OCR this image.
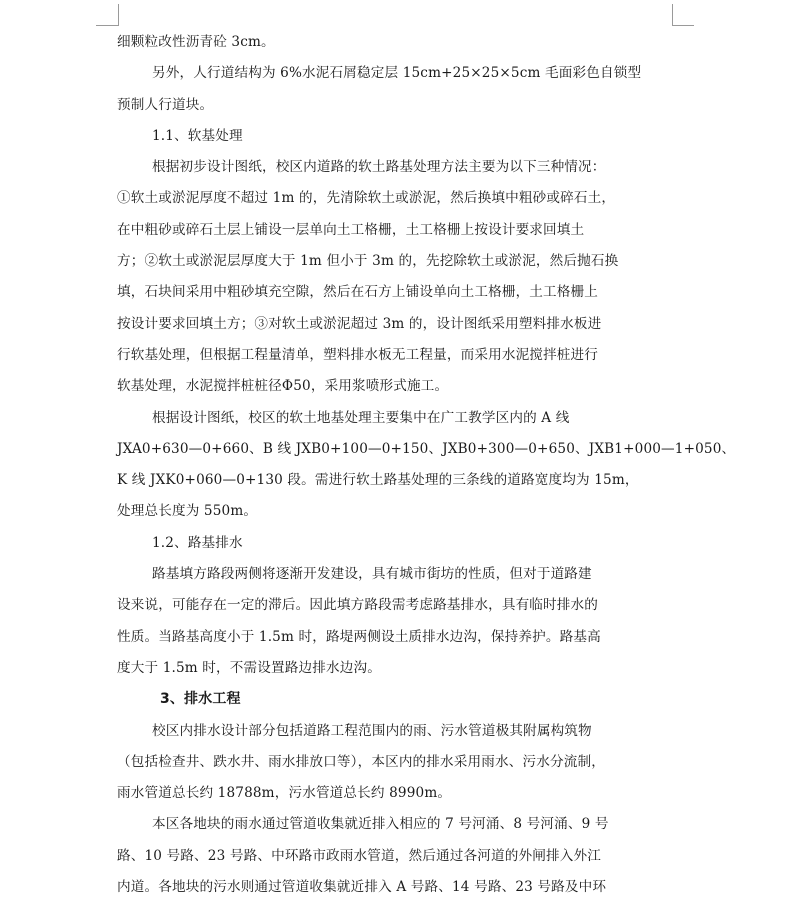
细颗粒改性沥青砼 3cm。
另外，人行道结构为 6%水泥石屑稳定层 15cm+25×25×5cm 毛面彩色自锁型
预制人行道块。
1.1、软基处理
根据初步设计图纸，校区内道路的软土路基处理方法主要为以下三种情况：
①软土或淤泥厚度不超过 1m 的，先清除软土或淤泥，然后换填中粗砂或碎石土，
在中粗砂或碎石土层上铺设一层单向土工格栅，土工格栅上按设计要求回填土
方；②软土或淤泥层厚度大于 1m 但小于 3m 的，先挖除软土或淤泥，然后抛石换
填，石块间采用中粗砂填充空隙，然后在石方上铺设单向土工格栅，土工格栅上
按设计要求回填土方；③对软土或淤泥超过 3m 的，设计图纸采用塑料排水板进
行软基处理，但根据工程量清单，塑料排水板无工程量，而采用水泥搅拌桩进行
软基处理，水泥搅拌桩桩径Φ50，采用浆喷形式施工。
根据设计图纸，校区的软土地基处理主要集中在广工教学区内的 A 线
JXA0+630—0+660、B 线 JXB0+100—0+150、JXB0+300—0+650、JXB1+000—1+050、
K 线 JXK0+060—0+130 段。需进行软土路基处理的三条线的道路宽度均为 15m，
处理总长度为 550m。
1.2、路基排水
路基填方路段两侧将逐渐开发建设，具有城市街坊的性质，但对于道路建
设来说，可能存在一定的滞后。因此填方路段需考虑路基排水，具有临时排水的
性质。当路基高度小于 1.5m 时，路堤两侧设土质排水边沟，保持养护。路基高
度大于 1.5m 时，不需设置路边排水边沟。
3、排水工程
校区内排水设计部分包括道路工程范围内的雨、污水管道极其附属构筑物
（包括检查井、跌水井、雨水排放口等），本区内的排水采用雨水、污水分流制，
雨水管道总长约 18788m，污水管道总长约 8990m。
本区各地块的雨水通过管道收集就近排入相应的 7 号河涌、8 号河涌、9 号
路、10 号路、23 号路、中环路市政雨水管道，然后通过各河道的外闸排入外江
内道。各地块的污水则通过管道收集就近排入 A 号路、14 号路、23 号路及中环
